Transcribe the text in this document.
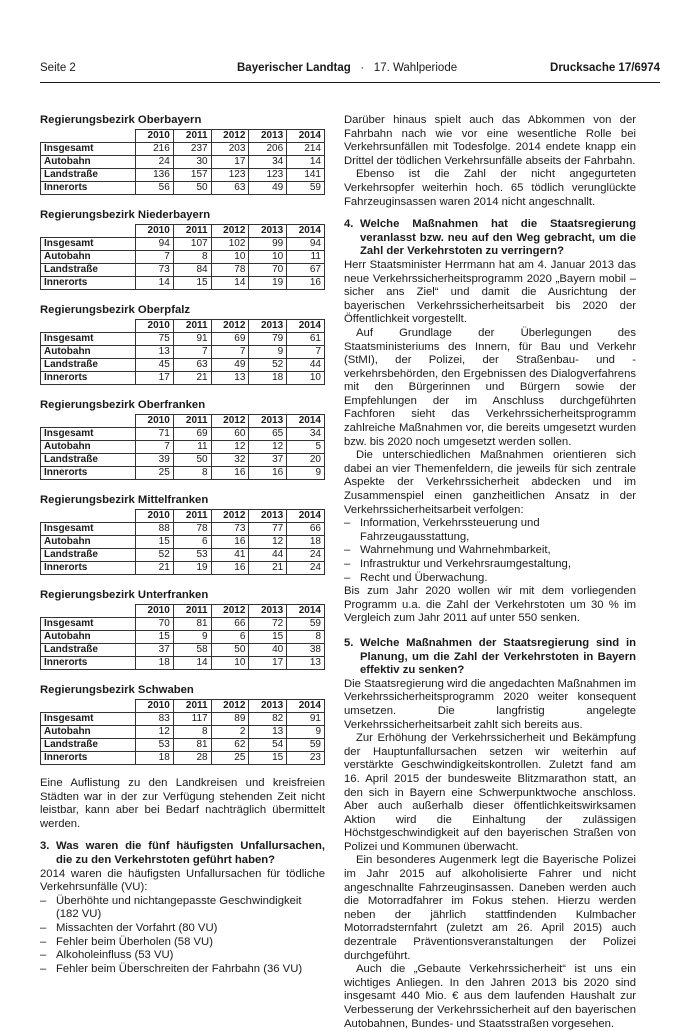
Seite 2	Bayerischer Landtag · 17. Wahlperiode	Drucksache 17/6974
Regierungsbezirk Oberbayern
	2010	2011	2012	2013	2014
Insgesamt	216	237	203	206	214
Autobahn	24	30	17	34	14
Landstraße	136	157	123	123	141
Innerorts	56	50	63	49	59
Regierungsbezirk Niederbayern
	2010	2011	2012	2013	2014
Insgesamt	94	107	102	99	94
Autobahn	7	8	10	10	11
Landstraße	73	84	78	70	67
Innerorts	14	15	14	19	16
Regierungsbezirk Oberpfalz
	2010	2011	2012	2013	2014
Insgesamt	75	91	69	79	61
Autobahn	13	7	7	9	7
Landstraße	45	63	49	52	44
Innerorts	17	21	13	18	10
Regierungsbezirk Oberfranken
	2010	2011	2012	2013	2014
Insgesamt	71	69	60	65	34
Autobahn	7	11	12	12	5
Landstraße	39	50	32	37	20
Innerorts	25	8	16	16	9
Regierungsbezirk Mittelfranken
	2010	2011	2012	2013	2014
Insgesamt	88	78	73	77	66
Autobahn	15	6	16	12	18
Landstraße	52	53	41	44	24
Innerorts	21	19	16	21	24
Regierungsbezirk Unterfranken
	2010	2011	2012	2013	2014
Insgesamt	70	81	66	72	59
Autobahn	15	9	6	15	8
Landstraße	37	58	50	40	38
Innerorts	18	14	10	17	13
Regierungsbezirk Schwaben
	2010	2011	2012	2013	2014
Insgesamt	83	117	89	82	91
Autobahn	12	8	2	13	9
Landstraße	53	81	62	54	59
Innerorts	18	28	25	15	23

Eine Auflistung zu den Landkreisen und kreisfreien Städten war in der zur Verfügung stehenden Zeit nicht leistbar, kann aber bei Bedarf nachträglich übermittelt werden.

3. Was waren die fünf häufigsten Unfallursachen, die zu den Verkehrstoten geführt haben?

2014 waren die häufigsten Unfallursachen für tödliche Verkehrsunfälle (VU):

– Überhöhte und nichtangepasste Geschwindigkeit (182 VU)
– Missachten der Vorfahrt (80 VU)
– Fehler beim Überholen (58 VU)
– Alkoholeinfluss (53 VU)
– Fehler beim Überschreiten der Fahrbahn (36 VU)

Darüber hinaus spielt auch das Abkommen von der Fahrbahn nach wie vor eine wesentliche Rolle bei Verkehrsunfällen mit Todesfolge. 2014 endete knapp ein Drittel der tödlichen Verkehrsunfälle abseits der Fahrbahn.

Ebenso ist die Zahl der nicht angegurteten Verkehrsopfer weiterhin hoch. 65 tödlich verunglückte Fahrzeuginsassen waren 2014 nicht angeschnallt.

4. Welche Maßnahmen hat die Staatsregierung veranlasst bzw. neu auf den Weg gebracht, um die Zahl der Verkehrstoten zu verringern?

Herr Staatsminister Herrmann hat am 4. Januar 2013 das neue Verkehrssicherheitsprogramm 2020 „Bayern mobil – sicher ans Ziel“ und damit die Ausrichtung der bayerischen Verkehrssicherheitsarbeit bis 2020 der Öffentlichkeit vorgestellt.

Auf Grundlage der Überlegungen des Staatsministeriums des Innern, für Bau und Verkehr (StMI), der Polizei, der Straßenbau- und -verkehrsbehörden, den Ergebnissen des Dialogverfahrens mit den Bürgerinnen und Bürgern sowie der Empfehlungen der im Anschluss durchgeführten Fachforen sieht das Verkehrssicherheitsprogramm zahlreiche Maßnahmen vor, die bereits umgesetzt wurden bzw. bis 2020 noch umgesetzt werden sollen.

Die unterschiedlichen Maßnahmen orientieren sich dabei an vier Themenfeldern, die jeweils für sich zentrale Aspekte der Verkehrssicherheit abdecken und im Zusammenspiel einen ganzheitlichen Ansatz in der Verkehrssicherheitsarbeit verfolgen:

– Information, Verkehrssteuerung und Fahrzeugausstattung,
– Wahrnehmung und Wahrnehmbarkeit,
– Infrastruktur und Verkehrsraumgestaltung,
– Recht und Überwachung.

Bis zum Jahr 2020 wollen wir mit dem vorliegenden Programm u.a. die Zahl der Verkehrstoten um 30 % im Vergleich zum Jahr 2011 auf unter 550 senken.

5. Welche Maßnahmen der Staatsregierung sind in Planung, um die Zahl der Verkehrstoten in Bayern effektiv zu senken?

Die Staatsregierung wird die angedachten Maßnahmen im Verkehrssicherheitsprogramm 2020 weiter konsequent umsetzen. Die langfristig angelegte Verkehrssicherheitsarbeit zahlt sich bereits aus.

Zur Erhöhung der Verkehrssicherheit und Bekämpfung der Hauptunfallursachen setzen wir weiterhin auf verstärkte Geschwindigkeitskontrollen. Zuletzt fand am 16. April 2015 der bundesweite Blitzmarathon statt, an den sich in Bayern eine Schwerpunktwoche anschloss. Aber auch außerhalb dieser öffentlichkeitswirksamen Aktion wird die Einhaltung der zulässigen Höchstgeschwindigkeit auf den bayerischen Straßen von Polizei und Kommunen überwacht.

Ein besonderes Augenmerk legt die Bayerische Polizei im Jahr 2015 auf alkoholisierte Fahrer und nicht angeschnallte Fahrzeuginsassen. Daneben werden auch die Motorradfahrer im Fokus stehen. Hierzu werden neben der jährlich stattfindenden Kulmbacher Motorradsternfahrt (zuletzt am 26. April 2015) auch dezentrale Präventionsveranstaltungen der Polizei durchgeführt.

Auch die „Gebaute Verkehrssicherheit“ ist uns ein wichtiges Anliegen. In den Jahren 2013 bis 2020 sind insgesamt 440 Mio. € aus dem laufenden Haushalt zur Verbesserung der Verkehrssicherheit auf den bayerischen Autobahnen, Bundes- und Staatsstraßen vorgesehen.
